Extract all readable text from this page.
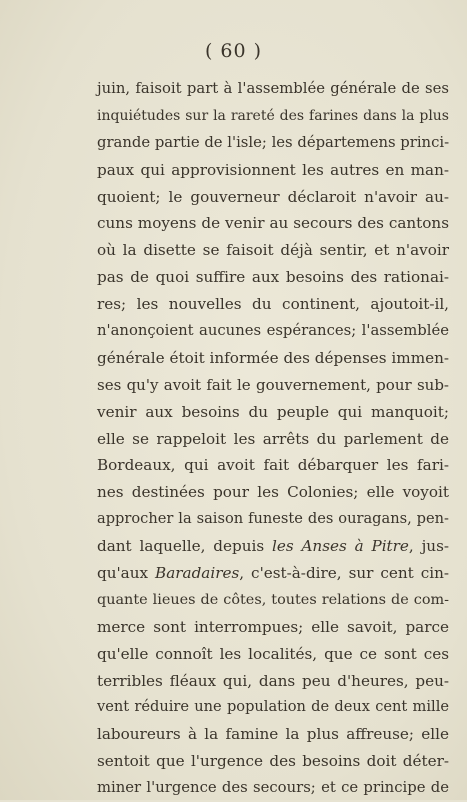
( 60 )
juin, faisoit part à l'assemblée générale de ses
inquiétudes sur la rareté des farines dans la plus
grande partie de l'isle; les départemens princi-
paux qui approvisionnent les autres en man-
quoient; le gouverneur déclaroit n'avoir au-
cuns moyens de venir au secours des cantons
où la disette se faisoit déjà sentir, et n'avoir
pas de quoi suffire aux besoins des rationai-
res; les nouvelles du continent, ajoutoit-il,
n'anonçoient aucunes espérances; l'assemblée
générale étoit informée des dépenses immen-
ses qu'y avoit fait le gouvernement, pour sub-
venir aux besoins du peuple qui manquoit;
elle se rappeloit les arrêts du parlement de
Bordeaux, qui avoit fait débarquer les fari-
nes destinées pour les Colonies; elle voyoit
approcher la saison funeste des ouragans, pen-
dant laquelle, depuis les Anses à Pitre, jus-
qu'aux Baradaires, c'est-à-dire, sur cent cin-
quante lieues de côtes, toutes relations de com-
merce sont interrompues; elle savoit, parce
qu'elle connoît les localités, que ce sont ces
terribles fléaux qui, dans peu d'heures, peu-
vent réduire une population de deux cent mille
laboureurs à la famine la plus affreuse; elle
sentoit que l'urgence des besoins doit déter-
miner l'urgence des secours; et ce principe de
